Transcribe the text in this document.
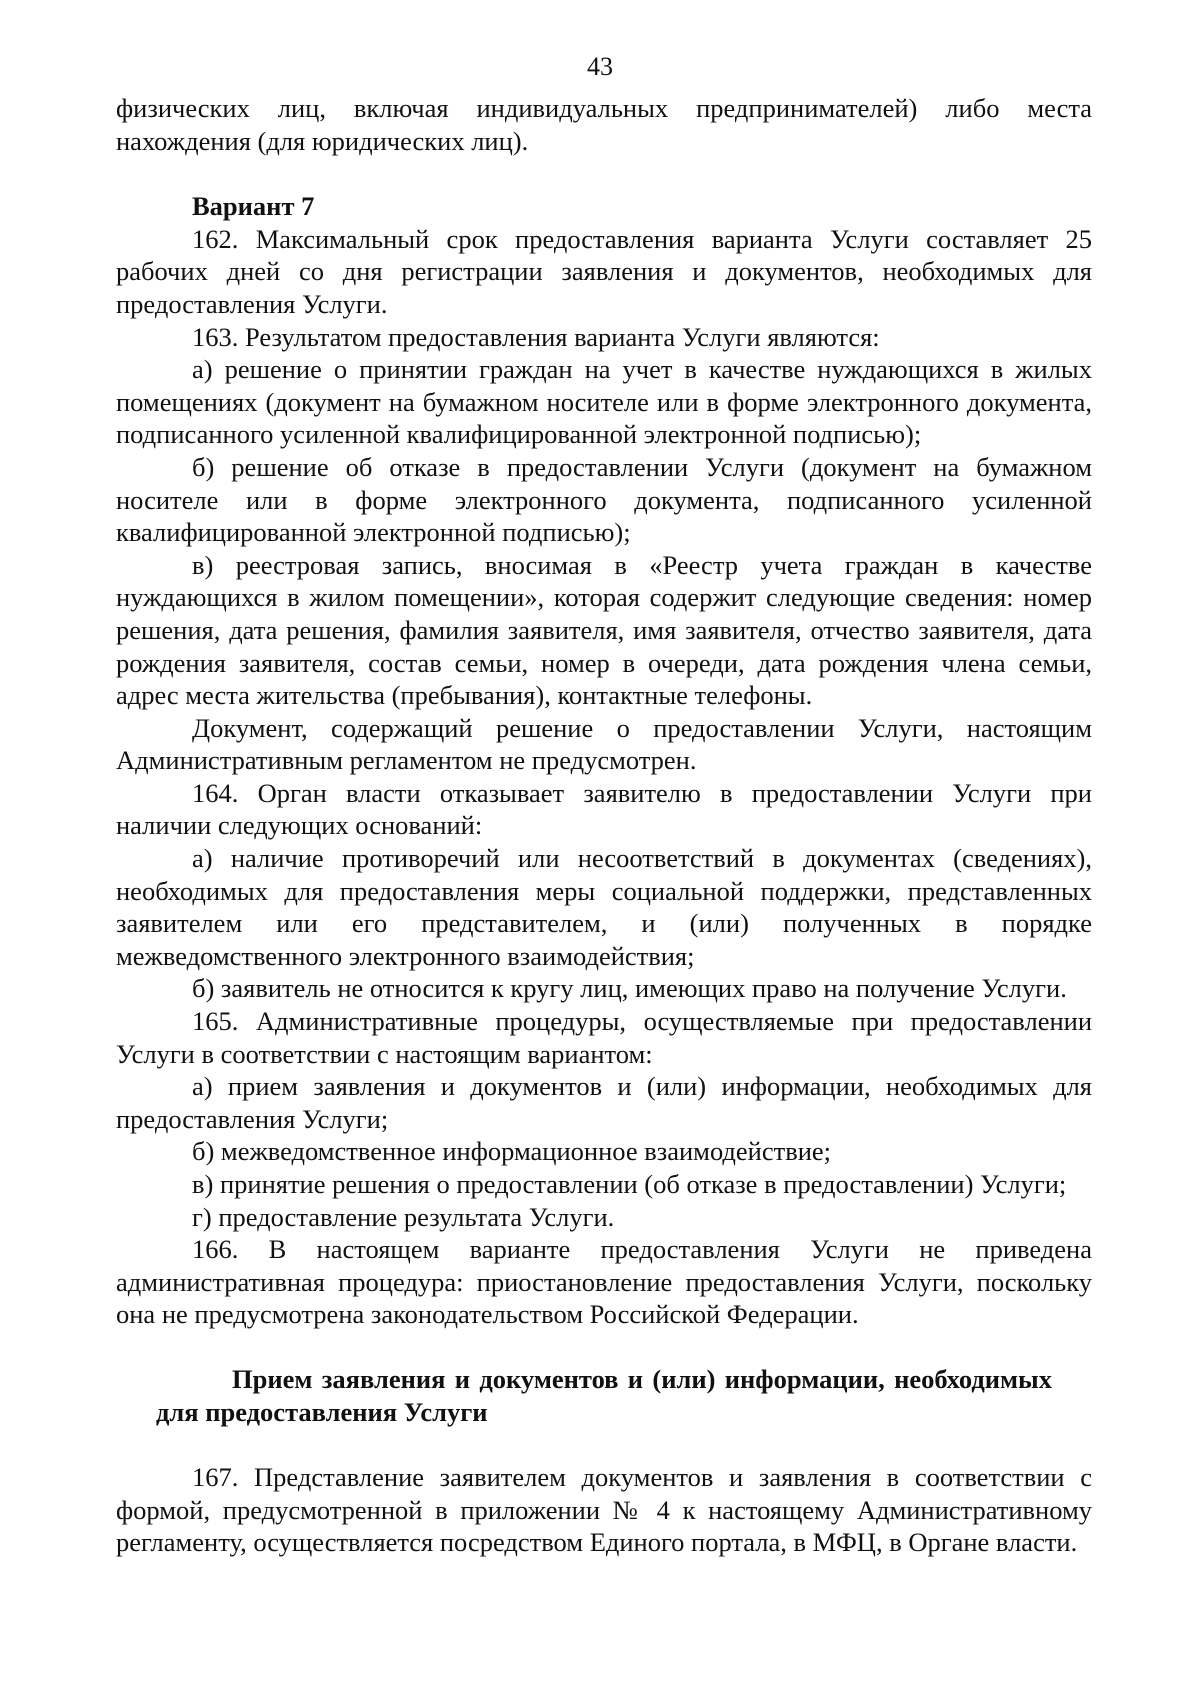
43

физических лиц, включая индивидуальных предпринимателей) либо места нахождения (для юридических лиц).

Вариант 7

162. Максимальный срок предоставления варианта Услуги составляет 25 рабочих дней со дня регистрации заявления и документов, необходимых для предоставления Услуги.

163. Результатом предоставления варианта Услуги являются:

а) решение о принятии граждан на учет в качестве нуждающихся в жилых помещениях (документ на бумажном носителе или в форме электронного документа, подписанного усиленной квалифицированной электронной подписью);

б) решение об отказе в предоставлении Услуги (документ на бумажном носителе или в форме электронного документа, подписанного усиленной квалифицированной электронной подписью);

в) реестровая запись, вносимая в «Реестр учета граждан в качестве нуждающихся в жилом помещении», которая содержит следующие сведения: номер решения, дата решения, фамилия заявителя, имя заявителя, отчество заявителя, дата рождения заявителя, состав семьи, номер в очереди, дата рождения члена семьи, адрес места жительства (пребывания), контактные телефоны.

Документ, содержащий решение о предоставлении Услуги, настоящим Административным регламентом не предусмотрен.

164. Орган власти отказывает заявителю в предоставлении Услуги при наличии следующих оснований:

а) наличие противоречий или несоответствий в документах (сведениях), необходимых для предоставления меры социальной поддержки, представленных заявителем или его представителем, и (или) полученных в порядке межведомственного электронного взаимодействия;

б) заявитель не относится к кругу лиц, имеющих право на получение Услуги.

165. Административные процедуры, осуществляемые при предоставлении Услуги в соответствии с настоящим вариантом:

а) прием заявления и документов и (или) информации, необходимых для предоставления Услуги;

б) межведомственное информационное взаимодействие;

в) принятие решения о предоставлении (об отказе в предоставлении) Услуги;

г) предоставление результата Услуги.

166. В настоящем варианте предоставления Услуги не приведена административная процедура: приостановление предоставления Услуги, поскольку она не предусмотрена законодательством Российской Федерации.

Прием заявления и документов и (или) информации, необходимых для предоставления Услуги

167. Представление заявителем документов и заявления в соответствии с формой, предусмотренной в приложении № 4 к настоящему Административному регламенту, осуществляется посредством Единого портала, в МФЦ, в Органе власти.
